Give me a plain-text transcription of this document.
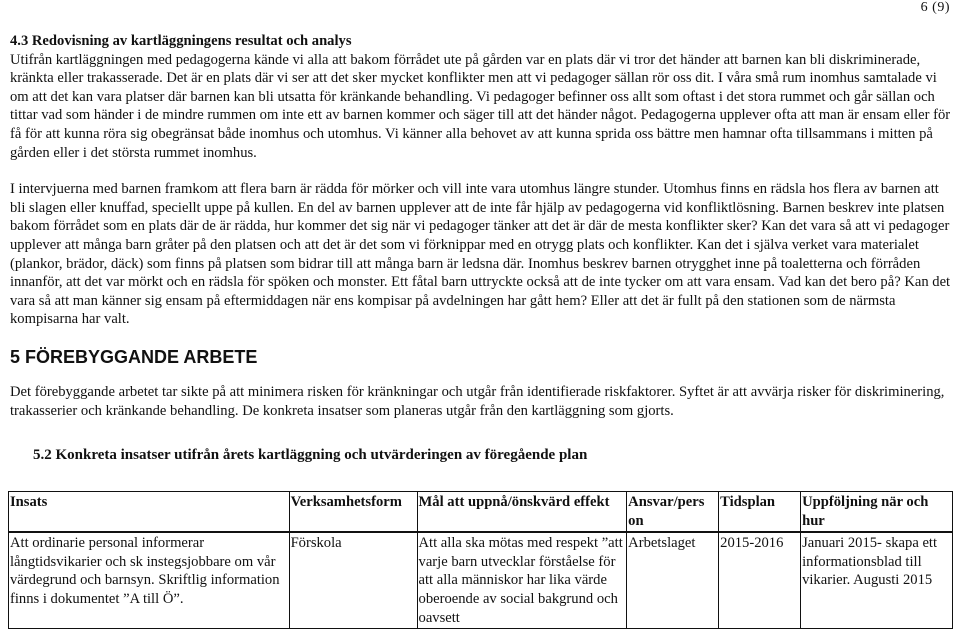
6 (9)

4.3 Redovisning av kartläggningens resultat och analys

Utifrån kartläggningen med pedagogerna kände vi alla att bakom förrådet ute på gården var en plats där vi tror det händer att barnen kan bli diskriminerade, kränkta eller trakasserade. Det är en plats där vi ser att det sker mycket konflikter men att vi pedagoger sällan rör oss dit. I våra små rum inomhus samtalade vi om att det kan vara platser där barnen kan bli utsatta för kränkande behandling. Vi pedagoger befinner oss allt som oftast i det stora rummet och går sällan och tittar vad som händer i de mindre rummen om inte ett av barnen kommer och säger till att det händer något. Pedagogerna upplever ofta att man är ensam eller för få för att kunna röra sig obegränsat både inomhus och utomhus. Vi känner alla behovet av att kunna sprida oss bättre men hamnar ofta tillsammans i mitten på gården eller i det största rummet inomhus.

I intervjuerna med barnen framkom att flera barn är rädda för mörker och vill inte vara utomhus längre stunder. Utomhus finns en rädsla hos flera av barnen att bli slagen eller knuffad, speciellt uppe på kullen. En del av barnen upplever att de inte får hjälp av pedagogerna vid konfliktlösning. Barnen beskrev inte platsen bakom förrådet som en plats där de är rädda, hur kommer det sig när vi pedagoger tänker att det är där de mesta konflikter sker? Kan det vara så att vi pedagoger upplever att många barn gråter på den platsen och att det är det som vi förknippar med en otrygg plats och konflikter. Kan det i själva verket vara materialet (plankor, brädor, däck) som finns på platsen som bidrar till att många barn är ledsna där. Inomhus beskrev barnen otrygghet inne på toaletterna och förråden innanför, att det var mörkt och en rädsla för spöken och monster. Ett fåtal barn uttryckte också att de inte tycker om att vara ensam. Vad kan det bero på? Kan det vara så att man känner sig ensam på eftermiddagen när ens kompisar på avdelningen har gått hem? Eller att det är fullt på den stationen som de närmsta kompisarna har valt.

5 FÖREBYGGANDE ARBETE

Det förebyggande arbetet tar sikte på att minimera risken för kränkningar och utgår från identifierade riskfaktorer. Syftet är att avvärja risker för diskriminering, trakasserier och kränkande behandling. De konkreta insatser som planeras utgår från den kartläggning som gjorts.

5.2 Konkreta insatser utifrån årets kartläggning och utvärderingen av föregående plan
Insats	Verksamhetsform	Mål att uppnå/önskvärd effekt	Ansvar/pers on	Tidsplan	Uppföljning när och hur
Att ordinarie personal informerar långtidsvikarier och sk instegsjobbare om vår värdegrund och barnsyn. Skriftlig information finns i dokumentet ”A till Ö”.	Förskola	Att alla ska mötas med respekt ”att varje barn utvecklar förståelse för att alla människor har lika värde oberoende av social bakgrund och oavsett	Arbetslaget	2015-2016	Januari 2015- skapa ett informationsblad till vikarier. Augusti 2015
